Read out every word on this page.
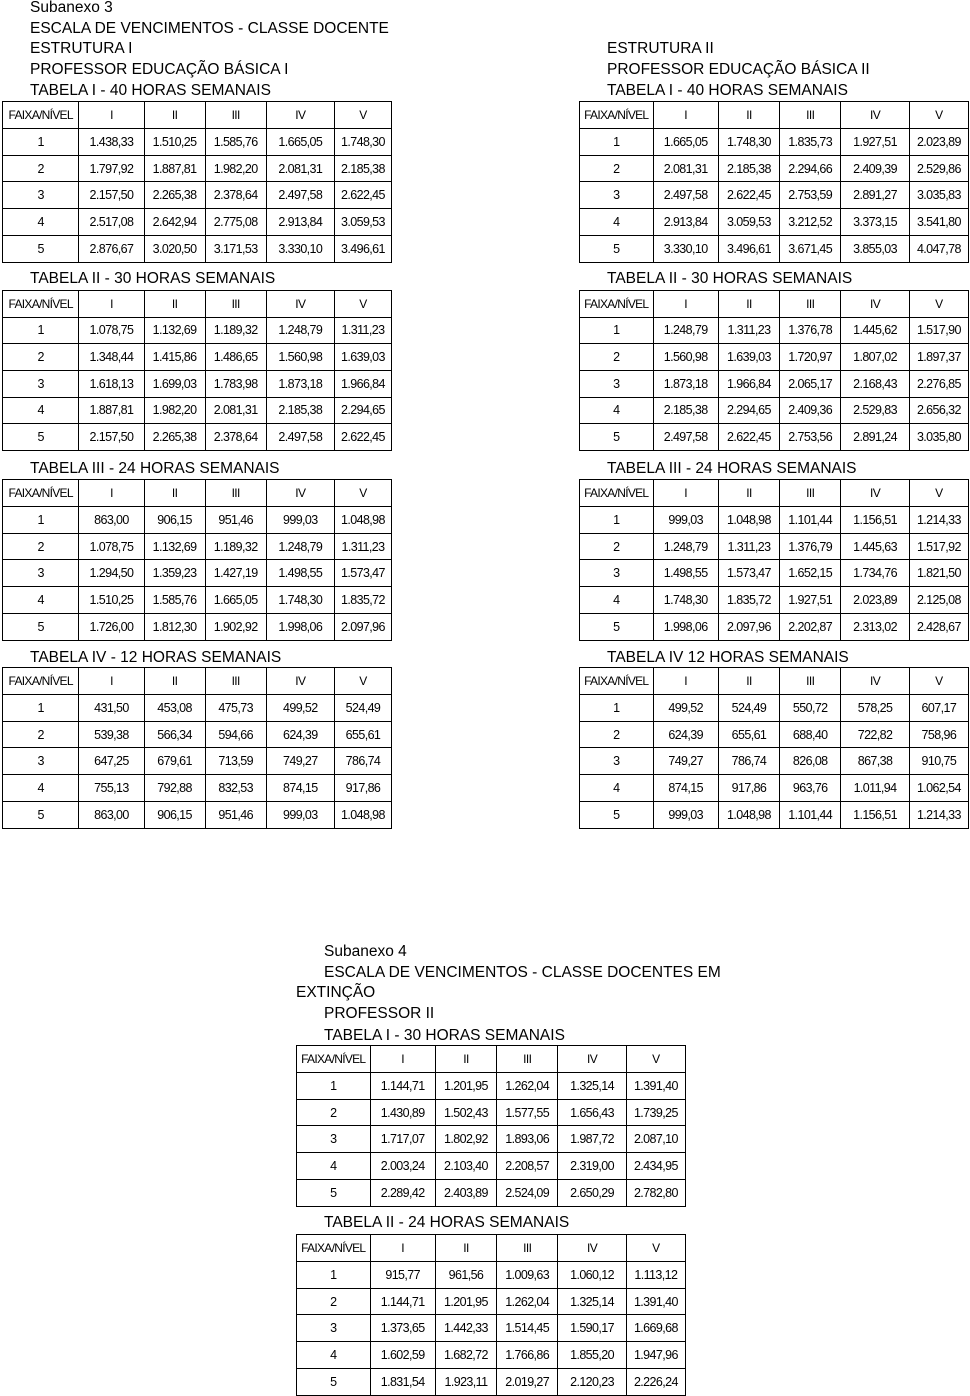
Subanexo 3
ESCALA DE VENCIMENTOS - CLASSE DOCENTE
ESTRUTURA I
PROFESSOR EDUCAÇÃO BÁSICA I
ESTRUTURA II
PROFESSOR EDUCAÇÃO BÁSICA II
TABELA I - 40 HORAS SEMANAIS
FAIXA/NÍVEL	I	II	III	IV	V
1	1.438,33	1.510,25	1.585,76	1.665,05	1.748,30
2	1.797,92	1.887,81	1.982,20	2.081,31	2.185,38
3	2.157,50	2.265,38	2.378,64	2.497,58	2.622,45
4	2.517,08	2.642,94	2.775,08	2.913,84	3.059,53
5	2.876,67	3.020,50	3.171,53	3.330,10	3.496,61
TABELA II - 30 HORAS SEMANAIS
FAIXA/NÍVEL	I	II	III	IV	V
1	1.078,75	1.132,69	1.189,32	1.248,79	1.311,23
2	1.348,44	1.415,86	1.486,65	1.560,98	1.639,03
3	1.618,13	1.699,03	1.783,98	1.873,18	1.966,84
4	1.887,81	1.982,20	2.081,31	2.185,38	2.294,65
5	2.157,50	2.265,38	2.378,64	2.497,58	2.622,45
TABELA III - 24 HORAS SEMANAIS
FAIXA/NÍVEL	I	II	III	IV	V
1	863,00	906,15	951,46	999,03	1.048,98
2	1.078,75	1.132,69	1.189,32	1.248,79	1.311,23
3	1.294,50	1.359,23	1.427,19	1.498,55	1.573,47
4	1.510,25	1.585,76	1.665,05	1.748,30	1.835,72
5	1.726,00	1.812,30	1.902,92	1.998,06	2.097,96
TABELA IV - 12 HORAS SEMANAIS
FAIXA/NÍVEL	I	II	III	IV	V
1	431,50	453,08	475,73	499,52	524,49
2	539,38	566,34	594,66	624,39	655,61
3	647,25	679,61	713,59	749,27	786,74
4	755,13	792,88	832,53	874,15	917,86
5	863,00	906,15	951,46	999,03	1.048,98
TABELA I - 40 HORAS SEMANAIS
FAIXA/NÍVEL	I	II	III	IV	V
1	1.665,05	1.748,30	1.835,73	1.927,51	2.023,89
2	2.081,31	2.185,38	2.294,66	2.409,39	2.529,86
3	2.497,58	2.622,45	2.753,59	2.891,27	3.035,83
4	2.913,84	3.059,53	3.212,52	3.373,15	3.541,80
5	3.330,10	3.496,61	3.671,45	3.855,03	4.047,78
TABELA II - 30 HORAS SEMANAIS
FAIXA/NÍVEL	I	II	III	IV	V
1	1.248,79	1.311,23	1.376,78	1.445,62	1.517,90
2	1.560,98	1.639,03	1.720,97	1.807,02	1.897,37
3	1.873,18	1.966,84	2.065,17	2.168,43	2.276,85
4	2.185,38	2.294,65	2.409,36	2.529,83	2.656,32
5	2.497,58	2.622,45	2.753,56	2.891,24	3.035,80
TABELA III - 24 HORAS SEMANAIS
FAIXA/NÍVEL	I	II	III	IV	V
1	999,03	1.048,98	1.101,44	1.156,51	1.214,33
2	1.248,79	1.311,23	1.376,79	1.445,63	1.517,92
3	1.498,55	1.573,47	1.652,15	1.734,76	1.821,50
4	1.748,30	1.835,72	1.927,51	2.023,89	2.125,08
5	1.998,06	2.097,96	2.202,87	2.313,02	2.428,67
TABELA IV 12 HORAS SEMANAIS
FAIXA/NÍVEL	I	II	III	IV	V
1	499,52	524,49	550,72	578,25	607,17
2	624,39	655,61	688,40	722,82	758,96
3	749,27	786,74	826,08	867,38	910,75
4	874,15	917,86	963,76	1.011,94	1.062,54
5	999,03	1.048,98	1.101,44	1.156,51	1.214,33
Subanexo 4
ESCALA DE VENCIMENTOS - CLASSE DOCENTES EM
EXTINÇÃO
PROFESSOR II
TABELA I - 30 HORAS SEMANAIS
FAIXA/NÍVEL	I	II	III	IV	V
1	1.144,71	1.201,95	1.262,04	1.325,14	1.391,40
2	1.430,89	1.502,43	1.577,55	1.656,43	1.739,25
3	1.717,07	1.802,92	1.893,06	1.987,72	2.087,10
4	2.003,24	2.103,40	2.208,57	2.319,00	2.434,95
5	2.289,42	2.403,89	2.524,09	2.650,29	2.782,80
TABELA II - 24 HORAS SEMANAIS
FAIXA/NÍVEL	I	II	III	IV	V
1	915,77	961,56	1.009,63	1.060,12	1.113,12
2	1.144,71	1.201,95	1.262,04	1.325,14	1.391,40
3	1.373,65	1.442,33	1.514,45	1.590,17	1.669,68
4	1.602,59	1.682,72	1.766,86	1.855,20	1.947,96
5	1.831,54	1.923,11	2.019,27	2.120,23	2.226,24
